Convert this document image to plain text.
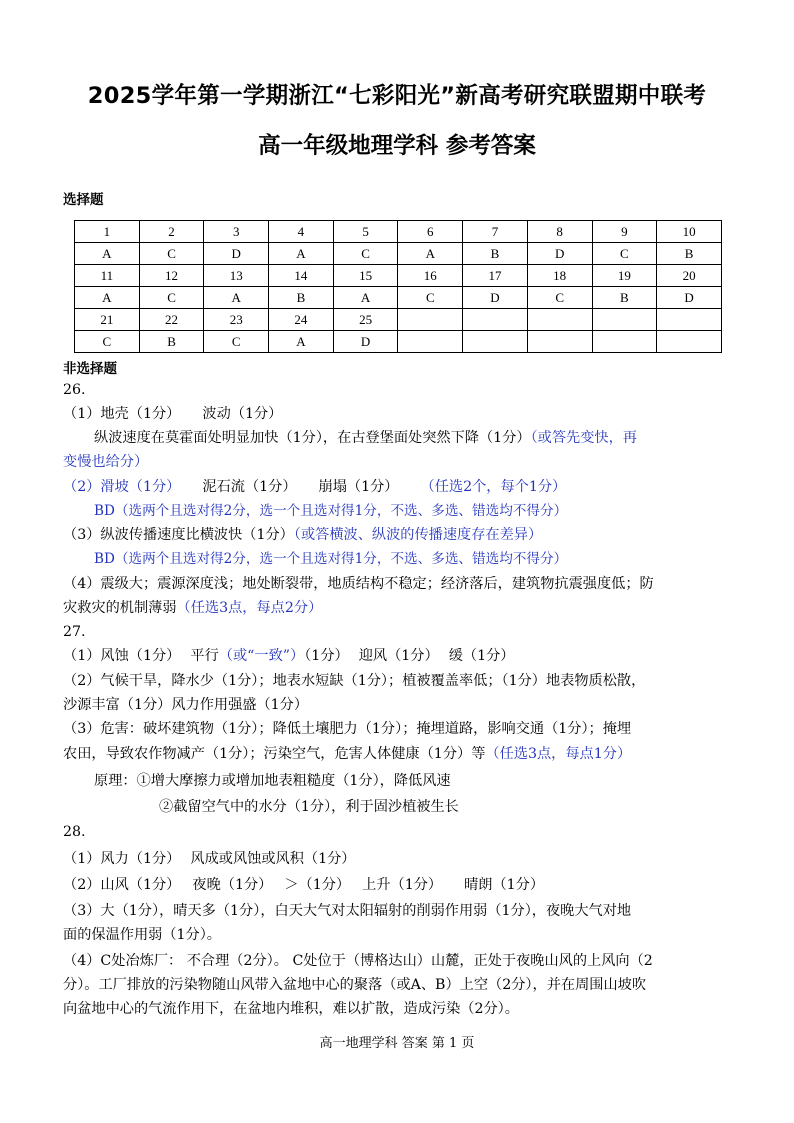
2025学年第一学期浙江“七彩阳光”新高考研究联盟期中联考
高一年级地理学科 参考答案
选择题
1	2	3	4	5	6	7	8	9	10
A	C	D	A	C	A	B	D	C	B
11	12	13	14	15	16	17	18	19	20
A	C	A	B	A	C	D	C	B	D
21	22	23	24	25					
C	B	C	A	D					
非选择题
26.
（1）地壳（1分） 波动（1分）
纵波速度在莫霍面处明显加快（1分），在古登堡面处突然下降（1分）（或答先变快，再
变慢也给分）
（2）滑坡（1分） 泥石流（1分） 崩塌（1分） （任选2个，每个1分）
BD（选两个且选对得2分，选一个且选对得1分，不选、多选、错选均不得分）
（3）纵波传播速度比横波快（1分）（或答横波、纵波的传播速度存在差异）
BD（选两个且选对得2分，选一个且选对得1分，不选、多选、错选均不得分）
（4）震级大；震源深度浅；地处断裂带，地质结构不稳定；经济落后，建筑物抗震强度低；防
灾救灾的机制薄弱（任选3点，每点2分）
27.
（1）风蚀（1分） 平行（或“一致”）（1分） 迎风（1分） 缓（1分）
（2）气候干旱，降水少（1分）；地表水短缺（1分）；植被覆盖率低；（1分）地表物质松散，
沙源丰富（1分）风力作用强盛（1分）
（3）危害：破坏建筑物（1分）；降低土壤肥力（1分）；掩埋道路，影响交通（1分）；掩埋
农田，导致农作物减产（1分）；污染空气，危害人体健康（1分）等（任选3点，每点1分）
原理：①增大摩擦力或增加地表粗糙度（1分），降低风速
②截留空气中的水分（1分），利于固沙植被生长
28.
（1）风力（1分） 风成或风蚀或风积（1分）
（2）山风（1分） 夜晚（1分） ＞（1分） 上升（1分） 晴朗（1分）
（3）大（1分），晴天多（1分），白天大气对太阳辐射的削弱作用弱（1分），夜晚大气对地
面的保温作用弱（1分）。
（4）C处冶炼厂： 不合理（2分）。 C处位于（博格达山）山麓，正处于夜晚山风的上风向（2
分）。工厂排放的污染物随山风带入盆地中心的聚落（或A、B）上空（2分），并在周围山坡吹
向盆地中心的气流作用下，在盆地内堆积，难以扩散，造成污染（2分）。
高一地理学科 答案 第 1 页
